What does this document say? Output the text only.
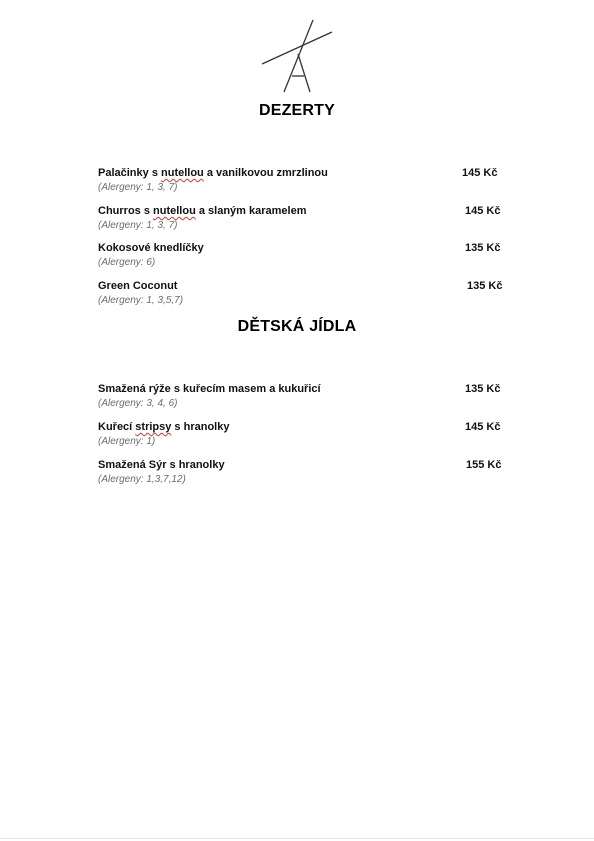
DEZERTY
Palačinky s nutellou a vanilkovou zmrzlinou
(Alergeny: 1, 3, 7)
145 Kč
Churros s nutellou a slaným karamelem
(Alergeny: 1, 3, 7)
145 Kč
Kokosové knedlíčky
(Alergeny: 6)
135 Kč
Green Coconut
(Alergeny: 1, 3,5,7)
135 Kč
DĚTSKÁ JÍDLA
Smažená rýže s kuřecím masem a kukuřicí
(Alergeny: 3, 4, 6)
135 Kč
Kuřecí stripsy s hranolky
(Alergeny: 1)
145 Kč
Smažená Sýr s hranolky
(Alergeny: 1,3,7,12)
155 Kč
